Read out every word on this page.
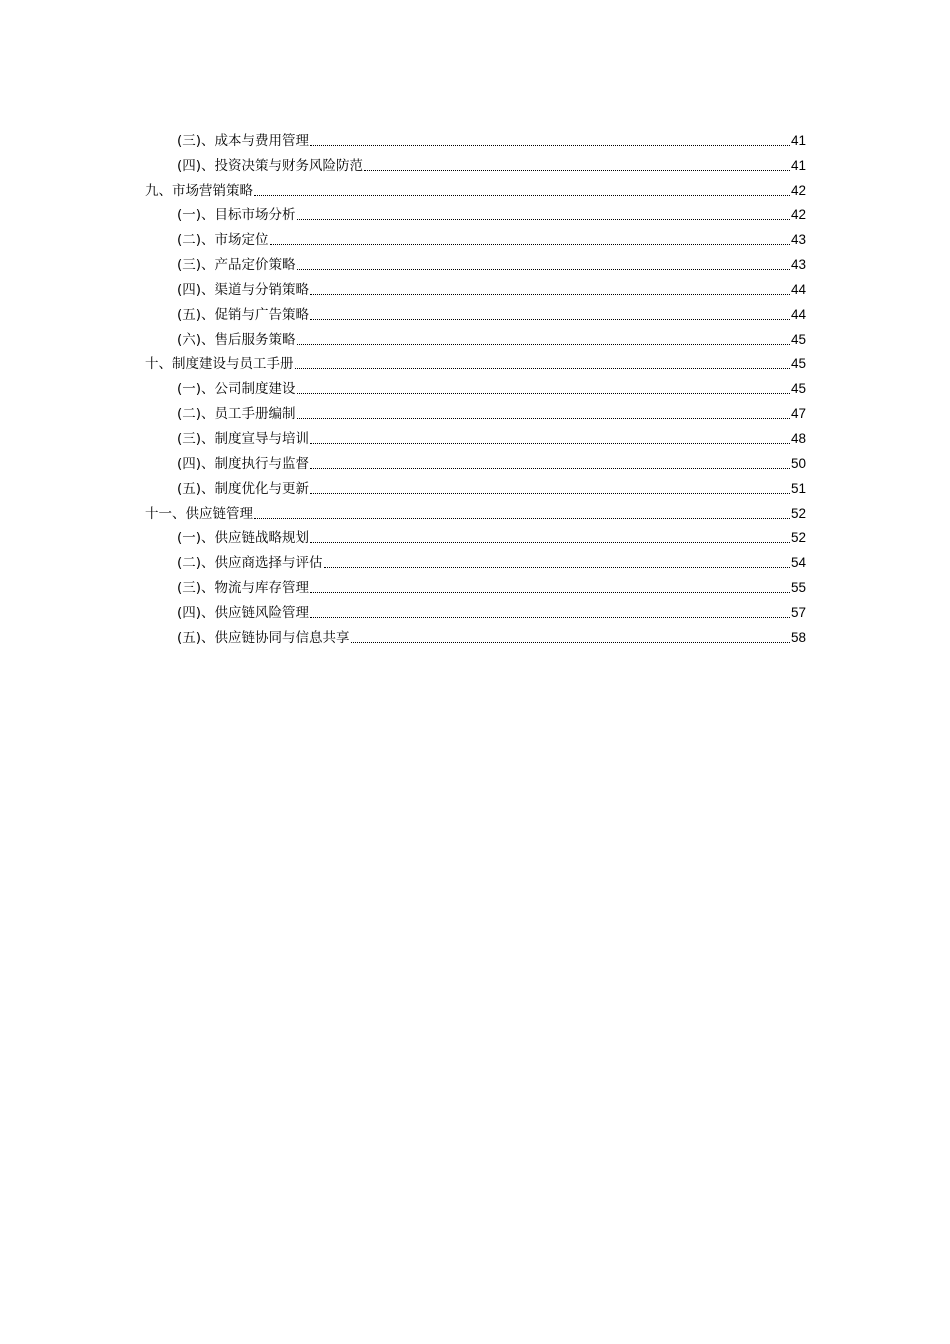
(三)、成本与费用管理	41
(四)、投资决策与财务风险防范	41
九、市场营销策略	42
(一)、目标市场分析	42
(二)、市场定位	43
(三)、产品定价策略	43
(四)、渠道与分销策略	44
(五)、促销与广告策略	44
(六)、售后服务策略	45
十、制度建设与员工手册	45
(一)、公司制度建设	45
(二)、员工手册编制	47
(三)、制度宣导与培训	48
(四)、制度执行与监督	50
(五)、制度优化与更新	51
十一、供应链管理	52
(一)、供应链战略规划	52
(二)、供应商选择与评估	54
(三)、物流与库存管理	55
(四)、供应链风险管理	57
(五)、供应链协同与信息共享	58
